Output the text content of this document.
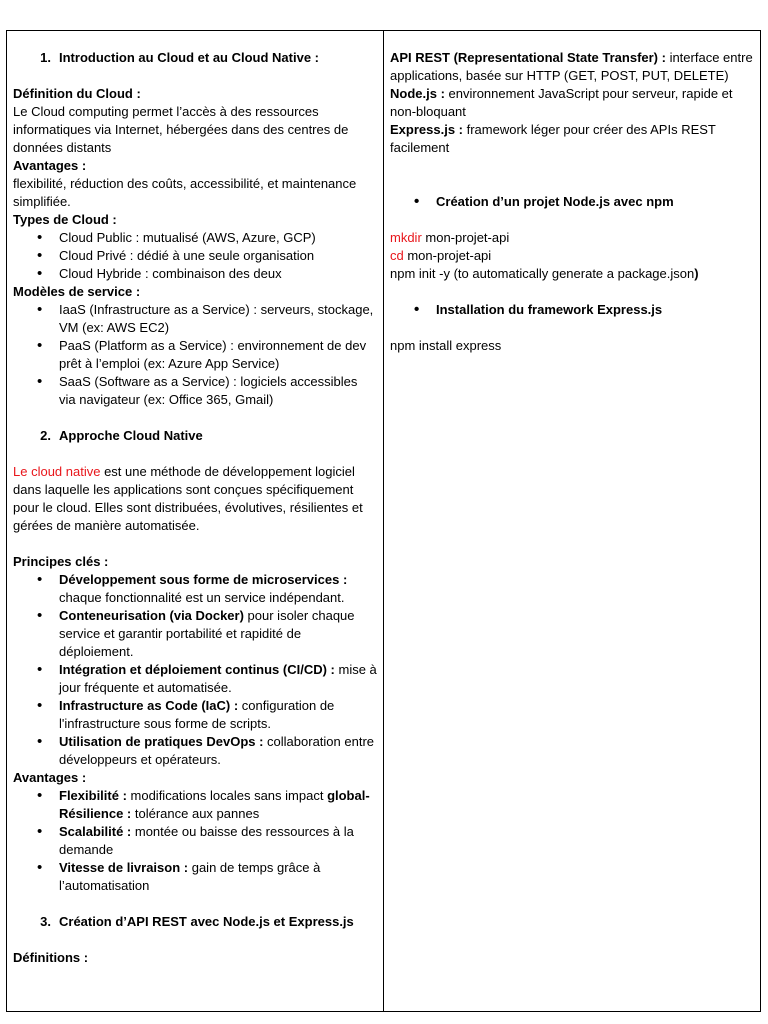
1. Introduction au Cloud et au Cloud Native :

Définition du Cloud :

Le Cloud computing permet l’accès à des ressources informatiques via Internet, hébergées dans des centres de données distants

Avantages :

flexibilité, réduction des coûts, accessibilité, et maintenance simplifiée.

Types de Cloud :

• Cloud Public : mutualisé (AWS, Azure, GCP)
• Cloud Privé : dédié à une seule organisation
• Cloud Hybride : combinaison des deux

Modèles de service :

• IaaS (Infrastructure as a Service) : serveurs, stockage, VM (ex: AWS EC2)
• PaaS (Platform as a Service) : environnement de dev prêt à l’emploi (ex: Azure App Service)
• SaaS (Software as a Service) : logiciels accessibles via navigateur (ex: Office 365, Gmail)
2. Approche Cloud Native

Le cloud native est une méthode de développement logiciel dans laquelle les applications sont conçues spécifiquement pour le cloud. Elles sont distribuées, évolutives, résilientes et gérées de manière automatisée.

Principes clés :

• Développement sous forme de microservices : chaque fonctionnalité est un service indépendant.
• Conteneurisation (via Docker) pour isoler chaque service et garantir portabilité et rapidité de déploiement.
• Intégration et déploiement continus (CI/CD) : mise à jour fréquente et automatisée.
• Infrastructure as Code (IaC) : configuration de l'infrastructure sous forme de scripts.
• Utilisation de pratiques DevOps : collaboration entre développeurs et opérateurs.

Avantages :

• Flexibilité : modifications locales sans impact global- Résilience : tolérance aux pannes
• Scalabilité : montée ou baisse des ressources à la demande
• Vitesse de livraison : gain de temps grâce à l’automatisation
3. Création d’API REST avec Node.js et Express.js

Définitions :

API REST (Representational State Transfer) : interface entre applications, basée sur HTTP (GET, POST, PUT, DELETE)

Node.js : environnement JavaScript pour serveur, rapide et non-bloquant

Express.js : framework léger pour créer des APIs REST facilement

• Création d’un projet Node.js avec npm

mkdir mon-projet-api

cd mon-projet-api

npm init -y (to automatically generate a package.json)

• Installation du framework Express.js

npm install express
